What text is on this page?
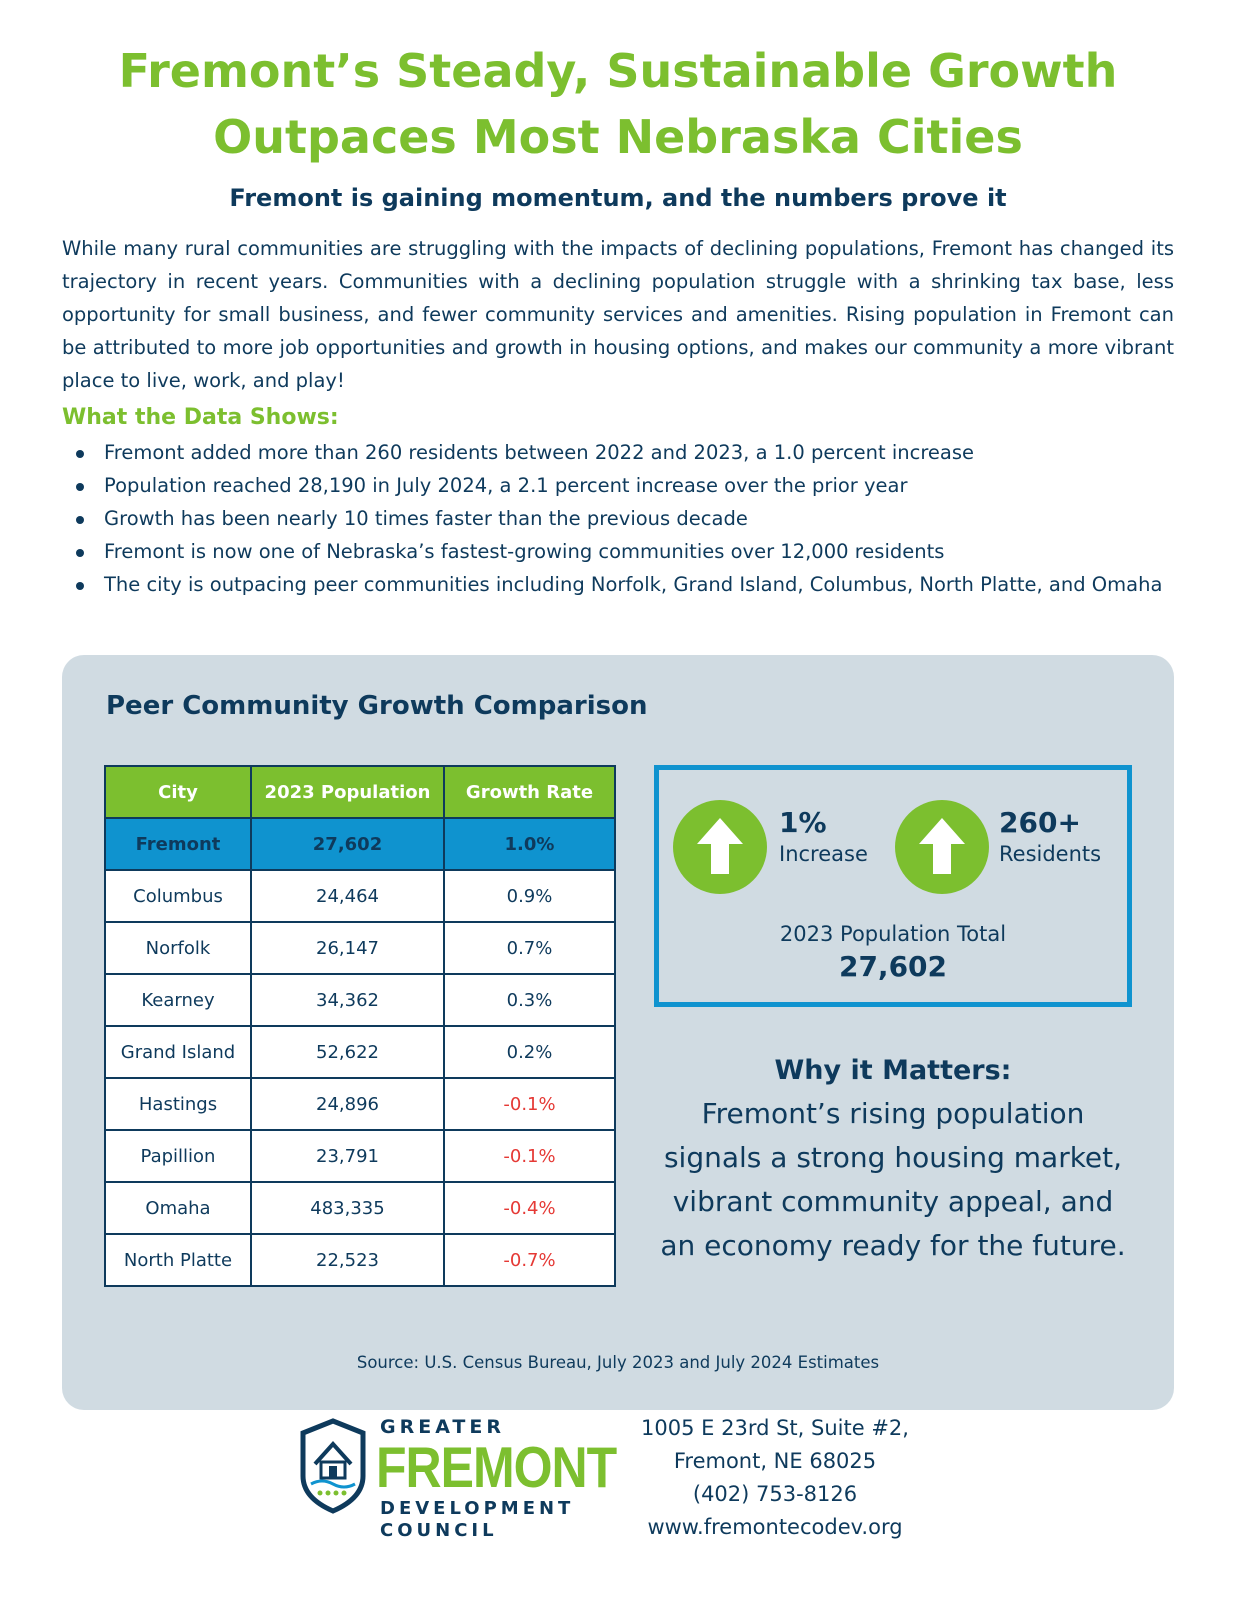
Fremont’s Steady, Sustainable Growth
Outpaces Most Nebraska Cities
Fremont is gaining momentum, and the numbers prove it

While many rural communities are struggling with the impacts of declining populations, Fremont has changed its trajectory in recent years. Communities with a declining population struggle with a shrinking tax base, less opportunity for small business, and fewer community services and amenities. Rising population in Fremont can be attributed to more job opportunities and growth in housing options, and makes our community a more vibrant place to live, work, and play!

What the Data Shows:
Fremont added more than 260 residents between 2022 and 2023, a 1.0 percent increase
Population reached 28,190 in July 2024, a 2.1 percent increase over the prior year
Growth has been nearly 10 times faster than the previous decade
Fremont is now one of Nebraska’s fastest-growing communities over 12,000 residents
The city is outpacing peer communities including Norfolk, Grand Island, Columbus, North Platte, and Omaha
Peer Community Growth Comparison
City	2023 Population	Growth Rate
Fremont	27,602	1.0%
Columbus	24,464	0.9%
Norfolk	26,147	0.7%
Kearney	34,362	0.3%
Grand Island	52,622	0.2%
Hastings	24,896	-0.1%
Papillion	23,791	-0.1%
Omaha	483,335	-0.4%
North Platte	22,523	-0.7%
1%
Increase
260+
Residents
2023 Population Total
27,602
Why it Matters:

Fremont’s rising population signals a strong housing market, vibrant community appeal, and an economy ready for the future.

Source: U.S. Census Bureau, July 2023 and July 2024 Estimates

GREATER
FREMONT
DEVELOPMENT
COUNCIL
1005 E 23rd St, Suite #2,
Fremont, NE 68025
(402) 753-8126
www.fremontecodev.org
